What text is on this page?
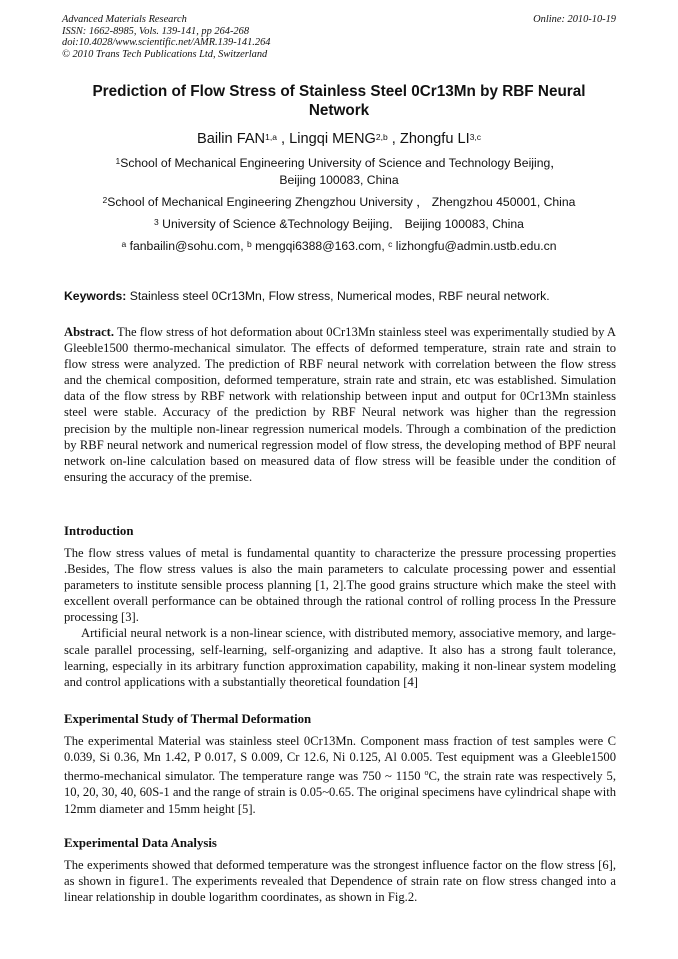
Advanced Materials Research
ISSN: 1662-8985, Vols. 139-141, pp 264-268
doi:10.4028/www.scientific.net/AMR.139-141.264
© 2010 Trans Tech Publications Ltd, Switzerland
Online: 2010-10-19
Prediction of Flow Stress of Stainless Steel 0Cr13Mn by RBF Neural Network
Bailin FAN$^{1,a}$ , Lingqi MENG$^{2,b}$ , Zhongfu LI$^{3,c}$
$^1$School of Mechanical Engineering University of Science and Technology Beijing，
Beijing 100083, China
$^2$School of Mechanical Engineering Zhengzhou University ， Zhengzhou 450001, China
$^3$ University of Science &Technology Beijing． Beijing 100083, China
$^a$ fanbailin@sohu.com, $^b$ mengqi6388@163.com, $^c$ lizhongfu@admin.ustb.edu.cn
Keywords: Stainless steel 0Cr13Mn, Flow stress, Numerical modes, RBF neural network.

Abstract. The flow stress of hot deformation about 0Cr13Mn stainless steel was experimentally studied by A Gleeble1500 thermo-mechanical simulator. The effects of deformed temperature, strain rate and strain to flow stress were analyzed. The prediction of RBF neural network with correlation between the flow stress and the chemical composition, deformed temperature, strain rate and strain, etc was established. Simulation data of the flow stress by RBF network with relationship between input and output for 0Cr13Mn stainless steel were stable. Accuracy of the prediction by RBF Neural network was higher than the regression precision by the multiple non-linear regression numerical models. Through a combination of the prediction by RBF neural network and numerical regression model of flow stress, the developing method of BPF neural network on-line calculation based on measured data of flow stress will be feasible under the condition of ensuring the accuracy of the premise.

Introduction

The flow stress values of metal is fundamental quantity to characterize the pressure processing properties .Besides, The flow stress values is also the main parameters to calculate processing power and essential parameters to institute sensible process planning [1, 2].The good grains structure which make the steel with excellent overall performance can be obtained through the rational control of rolling process In the Pressure processing [3].

Artificial neural network is a non-linear science, with distributed memory, associative memory, and large-scale parallel processing, self-learning, self-organizing and adaptive. It also has a strong fault tolerance, learning, especially in its arbitrary function approximation capability, making it non-linear system modeling and control applications with a substantially theoretical foundation [4]

Experimental Study of Thermal Deformation

The experimental Material was stainless steel 0Cr13Mn. Component mass fraction of test samples were C 0.039, Si 0.36, Mn 1.42, P 0.017, S 0.009, Cr 12.6, Ni 0.125, Al 0.005. Test equipment was a Gleeble1500 thermo-mechanical simulator. The temperature range was 750 ~ 1150 $^o$C, the strain rate was respectively 5, 10, 20, 30, 40, 60S-1 and the range of strain is 0.05~0.65. The original specimens have cylindrical shape with 12mm diameter and 15mm height [5].

Experimental Data Analysis

The experiments showed that deformed temperature was the strongest influence factor on the flow stress [6], as shown in figure1. The experiments revealed that Dependence of strain rate on flow stress changed into a linear relationship in double logarithm coordinates, as shown in Fig.2.
